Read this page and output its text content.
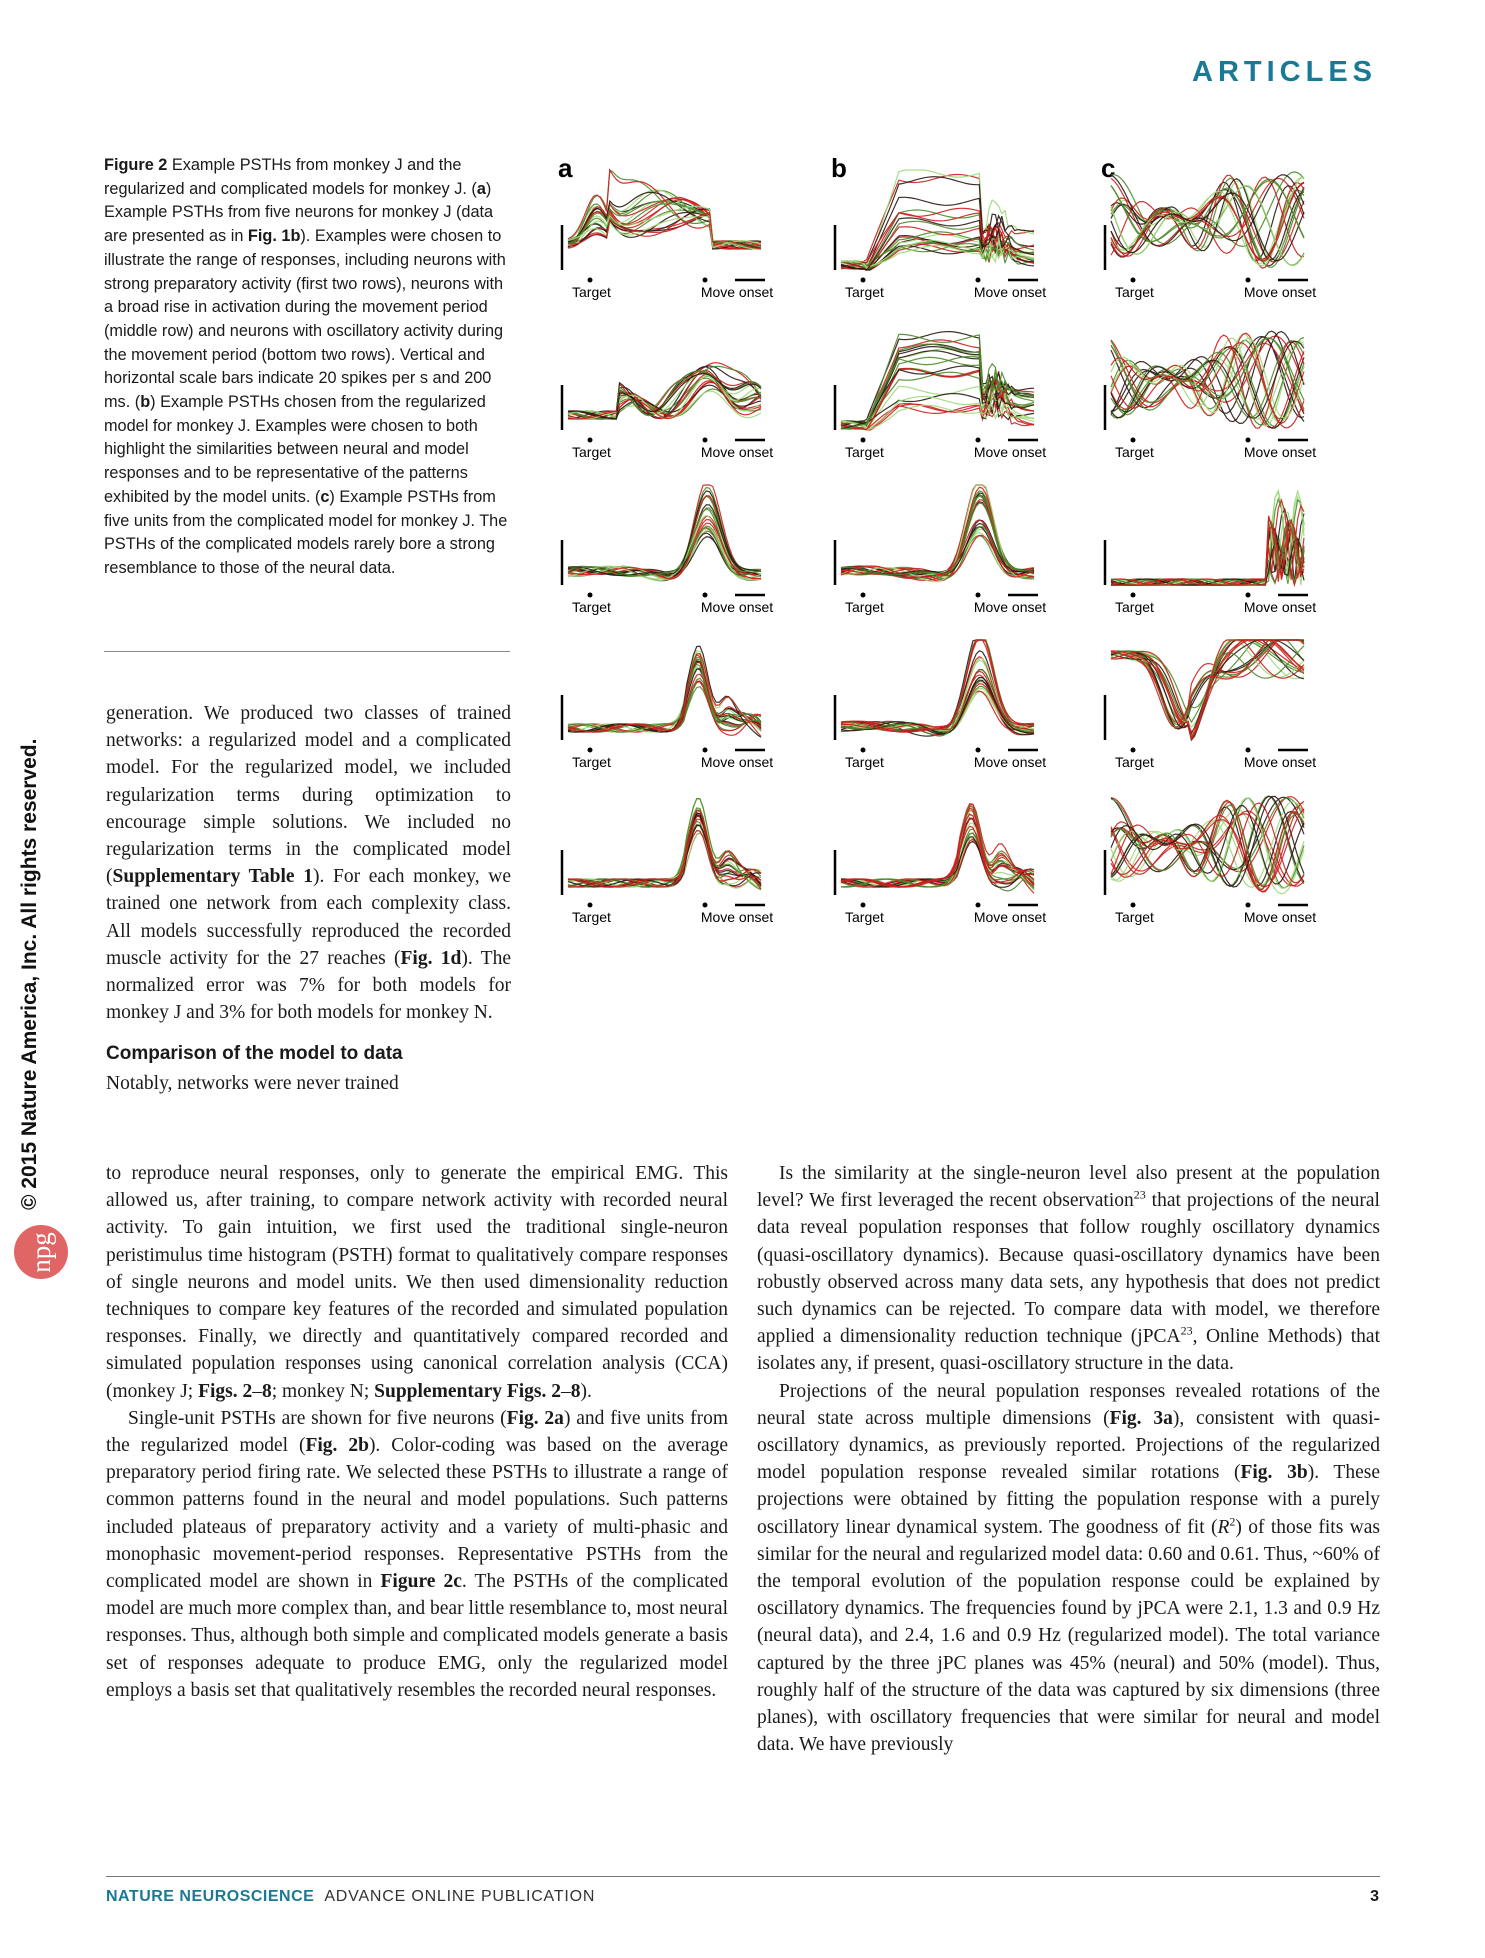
ARTICLES
© 2015 Nature America, Inc. All rights reserved.
npg

Figure 2 Example PSTHs from monkey J and the regularized and complicated models for monkey J. (a) Example PSTHs from five neurons for monkey J (data are presented as in Fig. 1b). Examples were chosen to illustrate the range of responses, including neurons with strong preparatory activity (first two rows), neurons with a broad rise in activation during the movement period (middle row) and neurons with oscillatory activity during the movement period (bottom two rows). Vertical and horizontal scale bars indicate 20 spikes per s and 200 ms. (b) Example PSTHs chosen from the regularized model for monkey J. Examples were chosen to both highlight the similarities between neural and model responses and to be representative of the patterns exhibited by the model units. (c) Example PSTHs from five units from the complicated model for monkey J. The PSTHs of the complicated models rarely bore a strong resemblance to those of the neural data.

a	b	c
Target	Move onset
Target	Move onset
Target	Move onset
Target	Move onset
Target	Move onset
Target	Move onset
Target	Move onset
Target	Move onset
Target	Move onset
Target	Move onset
Target	Move onset
Target	Move onset
Target	Move onset
Target	Move onset
Target	Move onset

generation. We produced two classes of trained networks: a regularized model and a complicated model. For the regularized model, we included regularization terms during optimization to encourage simple solutions. We included no regularization terms in the complicated model (Supplementary Table 1). For each monkey, we trained one network from each complexity class. All models successfully reproduced the recorded muscle activity for the 27 reaches (Fig. 1d). The normalized error was 7% for both models for monkey J and 3% for both models for monkey N.

Comparison of the model to data

Notably, networks were never trained

to reproduce neural responses, only to generate the empirical EMG. This allowed us, after training, to compare network activity with recorded neural activity. To gain intuition, we first used the traditional single-neuron peristimulus time histogram (PSTH) format to qualitatively compare responses of single neurons and model units. We then used dimensionality reduction techniques to compare key features of the recorded and simulated population responses. Finally, we directly and quantitatively compared recorded and simulated population responses using canonical correlation analysis (CCA) (monkey J; Figs. 2–8; monkey N; Supplementary Figs. 2–8).

Single-unit PSTHs are shown for five neurons (Fig. 2a) and five units from the regularized model (Fig. 2b). Color-coding was based on the average preparatory period firing rate. We selected these PSTHs to illustrate a range of common patterns found in the neural and model populations. Such patterns included plateaus of preparatory activity and a variety of multi-phasic and monophasic movement-period responses. Representative PSTHs from the complicated model are shown in Figure 2c. The PSTHs of the complicated model are much more complex than, and bear little resemblance to, most neural responses. Thus, although both simple and complicated models generate a basis set of responses adequate to produce EMG, only the regularized model employs a basis set that qualitatively resembles the recorded neural responses.

Is the similarity at the single-neuron level also present at the population level? We first leveraged the recent observation$^{23}$ that projections of the neural data reveal population responses that follow roughly oscillatory dynamics (quasi-oscillatory dynamics). Because quasi-oscillatory dynamics have been robustly observed across many data sets, any hypothesis that does not predict such dynamics can be rejected. To compare data with model, we therefore applied a dimensionality reduction technique (jPCA$^{23}$, Online Methods) that isolates any, if present, quasi-oscillatory structure in the data.

Projections of the neural population responses revealed rotations of the neural state across multiple dimensions (Fig. 3a), consistent with quasi-oscillatory dynamics, as previously reported. Projections of the regularized model population response revealed similar rotations (Fig. 3b). These projections were obtained by fitting the population response with a purely oscillatory linear dynamical system. The goodness of fit $(R^2)$ of those fits was similar for the neural and regularized model data: 0.60 and 0.61. Thus, ~60% of the temporal evolution of the population response could be explained by oscillatory dynamics. The frequencies found by jPCA were 2.1, 1.3 and 0.9 Hz (neural data), and 2.4, 1.6 and 0.9 Hz (regularized model). The total variance captured by the three jPC planes was 45% (neural) and 50% (model). Thus, roughly half of the structure of the data was captured by six dimensions (three planes), with oscillatory frequencies that were similar for neural and model data. We have previously

NATURE NEUROSCIENCE ADVANCE ONLINE PUBLICATION	3
